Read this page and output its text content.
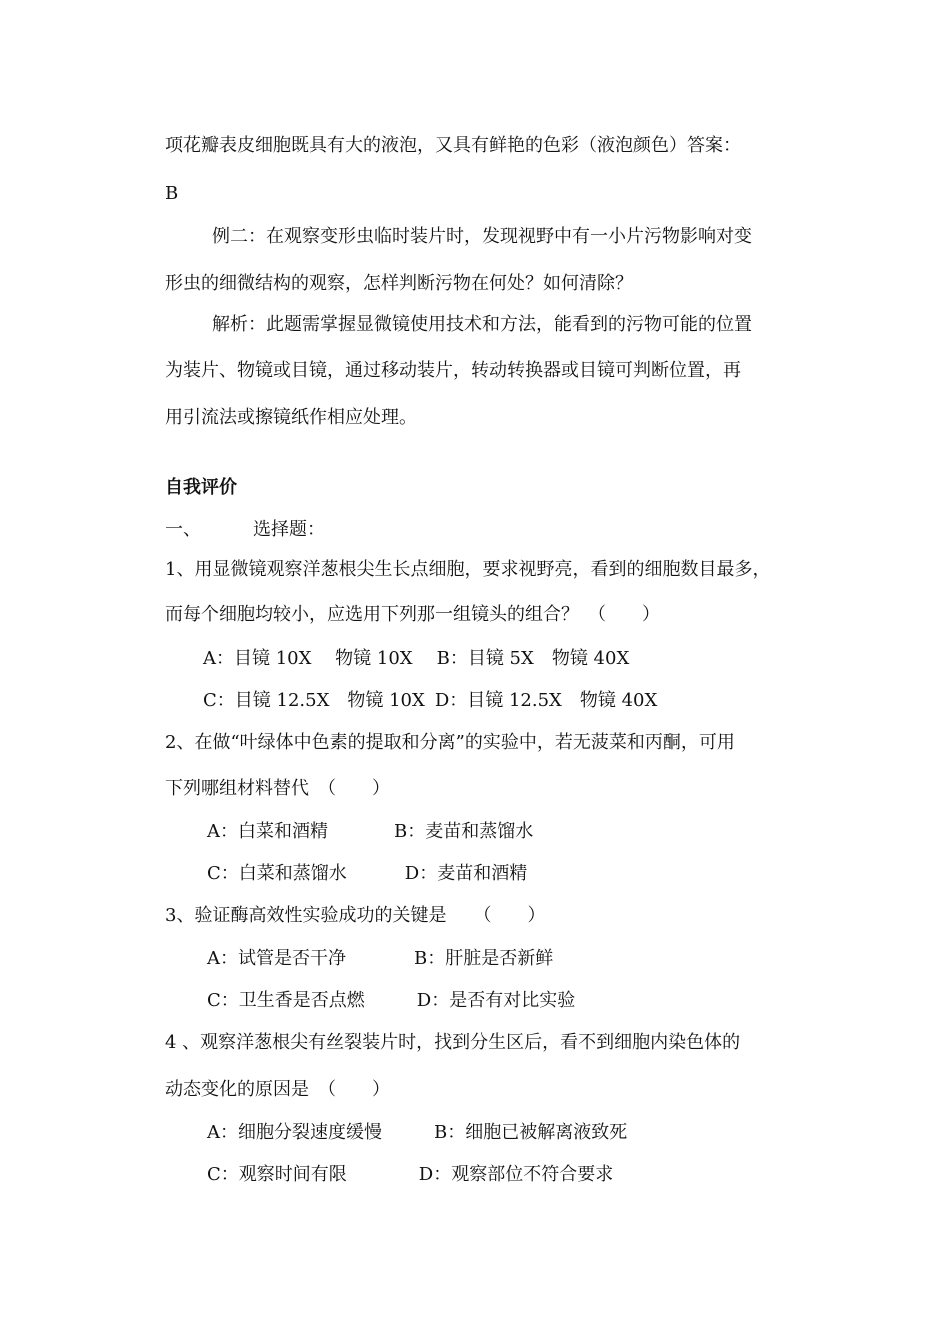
项花瓣表皮细胞既具有大的液泡，又具有鲜艳的色彩（液泡颜色）答案：
B
例二：在观察变形虫临时装片时，发现视野中有一小片污物影响对变
形虫的细微结构的观察，怎样判断污物在何处？如何清除？
解析：此题需掌握显微镜使用技术和方法，能看到的污物可能的位置
为装片、物镜或目镜，通过移动装片，转动转换器或目镜可判断位置，再
用引流法或擦镜纸作相应处理。
自我评价
一、	选择题：
1、用显微镜观察洋葱根尖生长点细胞，要求视野亮，看到的细胞数目最多，
而每个细胞均较小，应选用下列那一组镜头的组合？　（　　）
A：目镜 10X　 物镜 10X B：目镜 5X　物镜 40X
C：目镜 12.5X　物镜 10X D：目镜 12.5X　物镜 40X
2、在做“叶绿体中色素的提取和分离”的实验中，若无菠菜和丙酮，可用
下列哪组材料替代　（　　）
A：白菜和酒精	B：麦苗和蒸馏水
C：白菜和蒸馏水	D：麦苗和酒精
3、验证酶高效性实验成功的关键是　　（　　）
A：试管是否干净	B：肝脏是否新鲜
C：卫生香是否点燃	D：是否有对比实验
4 、观察洋葱根尖有丝裂装片时，找到分生区后，看不到细胞内染色体的
动态变化的原因是　（　　）
A：细胞分裂速度缓慢	B：细胞已被解离液致死
C：观察时间有限	D：观察部位不符合要求
